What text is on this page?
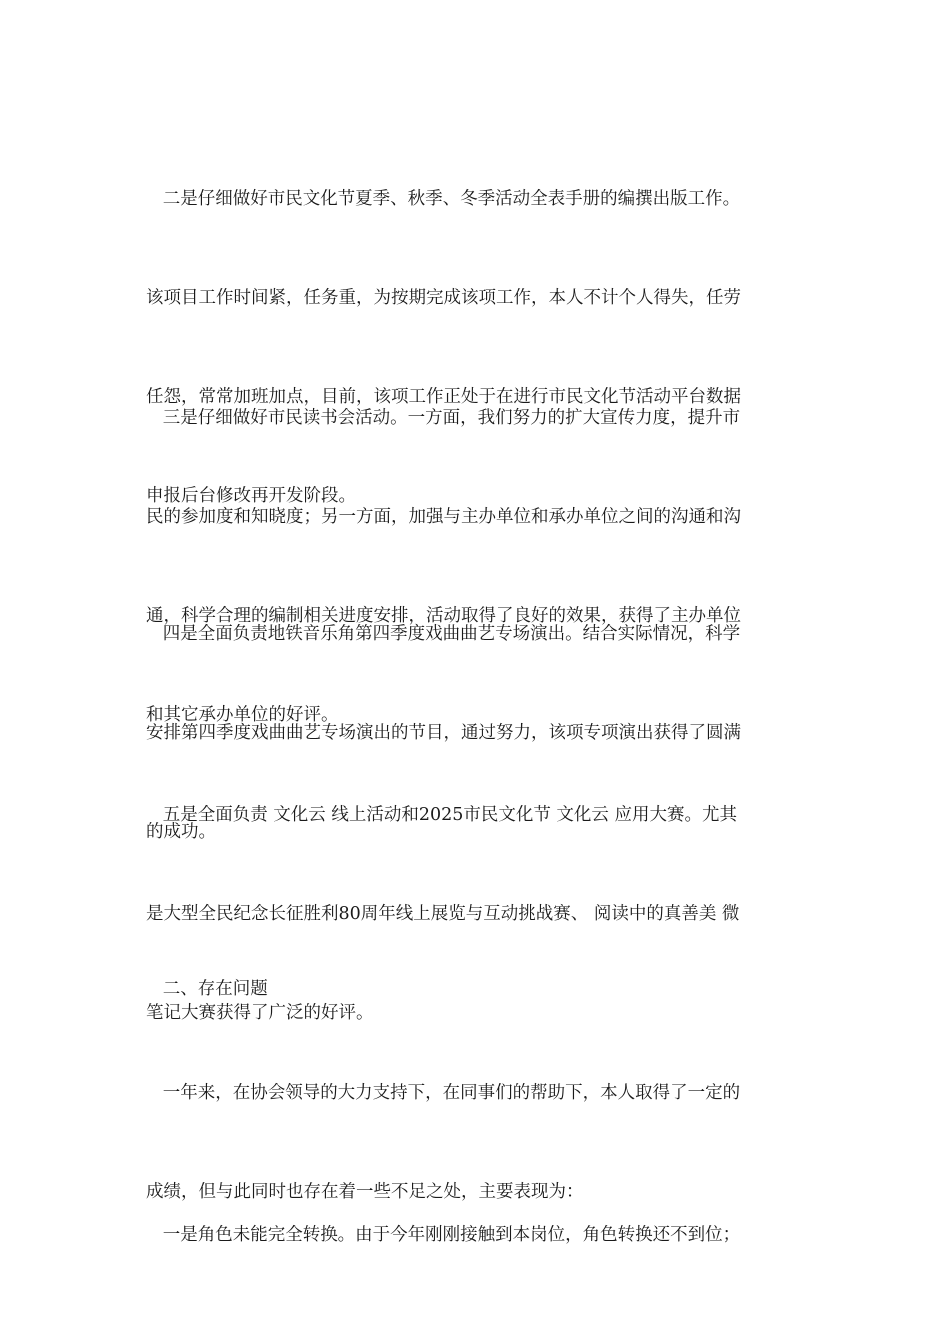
二是仔细做好市民文化节夏季、秋季、冬季活动全表手册的编撰出版工作。

该项目工作时间紧，任务重，为按期完成该项工作，本人不计个人得失，任劳

任怨，常常加班加点，目前，该项工作正处于在进行市民文化节活动平台数据

申报后台修改再开发阶段。

三是仔细做好市民读书会活动。一方面，我们努力的扩大宣传力度，提升市

民的参加度和知晓度；另一方面，加强与主办单位和承办单位之间的沟通和沟

通，科学合理的编制相关进度安排，活动取得了良好的效果，获得了主办单位

和其它承办单位的好评。

四是全面负责地铁音乐角第四季度戏曲曲艺专场演出。结合实际情况，科学

安排第四季度戏曲曲艺专场演出的节目，通过努力，该项专项演出获得了圆满

的成功。

五是全面负责 文化云 线上活动和2025市民文化节 文化云 应用大赛。尤其

是大型全民纪念长征胜利80周年线上展览与互动挑战赛、 阅读中的真善美 微

笔记大赛获得了广泛的好评。

二、存在问题

一年来，在协会领导的大力支持下，在同事们的帮助下，本人取得了一定的

成绩，但与此同时也存在着一些不足之处，主要表现为：

一是角色未能完全转换。由于今年刚刚接触到本岗位，角色转换还不到位；
